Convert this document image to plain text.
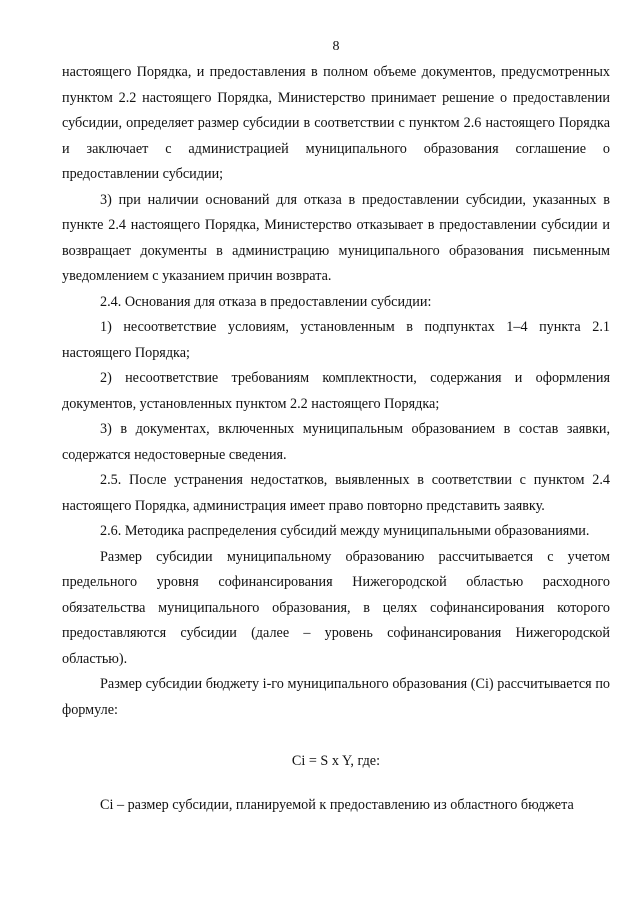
8

настоящего Порядка, и предоставления в полном объеме документов, предусмотренных пунктом 2.2 настоящего Порядка, Министерство принимает решение о предоставлении субсидии, определяет размер субсидии в соответствии с пунктом 2.6 настоящего Порядка и заключает с администрацией муниципального образования соглашение о предоставлении субсидии;

3) при наличии оснований для отказа в предоставлении субсидии, указанных в пункте 2.4 настоящего Порядка, Министерство отказывает в предоставлении субсидии и возвращает документы в администрацию муниципального образования письменным уведомлением с указанием причин возврата.

2.4. Основания для отказа в предоставлении субсидии:

1) несоответствие условиям, установленным в подпунктах 1–4 пункта 2.1 настоящего Порядка;

2) несоответствие требованиям комплектности, содержания и оформления документов, установленных пунктом 2.2 настоящего Порядка;

3) в документах, включенных муниципальным образованием в состав заявки, содержатся недостоверные сведения.

2.5. После устранения недостатков, выявленных в соответствии с пунктом 2.4 настоящего Порядка, администрация имеет право повторно представить заявку.

2.6. Методика распределения субсидий между муниципальными образованиями.

Размер субсидии муниципальному образованию рассчитывается с учетом предельного уровня софинансирования Нижегородской областью расходного обязательства муниципального образования, в целях софинансирования которого предоставляются субсидии (далее – уровень софинансирования Нижегородской областью).

Размер субсидии бюджету i-го муниципального образования (Ci) рассчитывается по формуле:

Ci = S x Y, где:

Ci – размер субсидии, планируемой к предоставлению из областного бюджета
